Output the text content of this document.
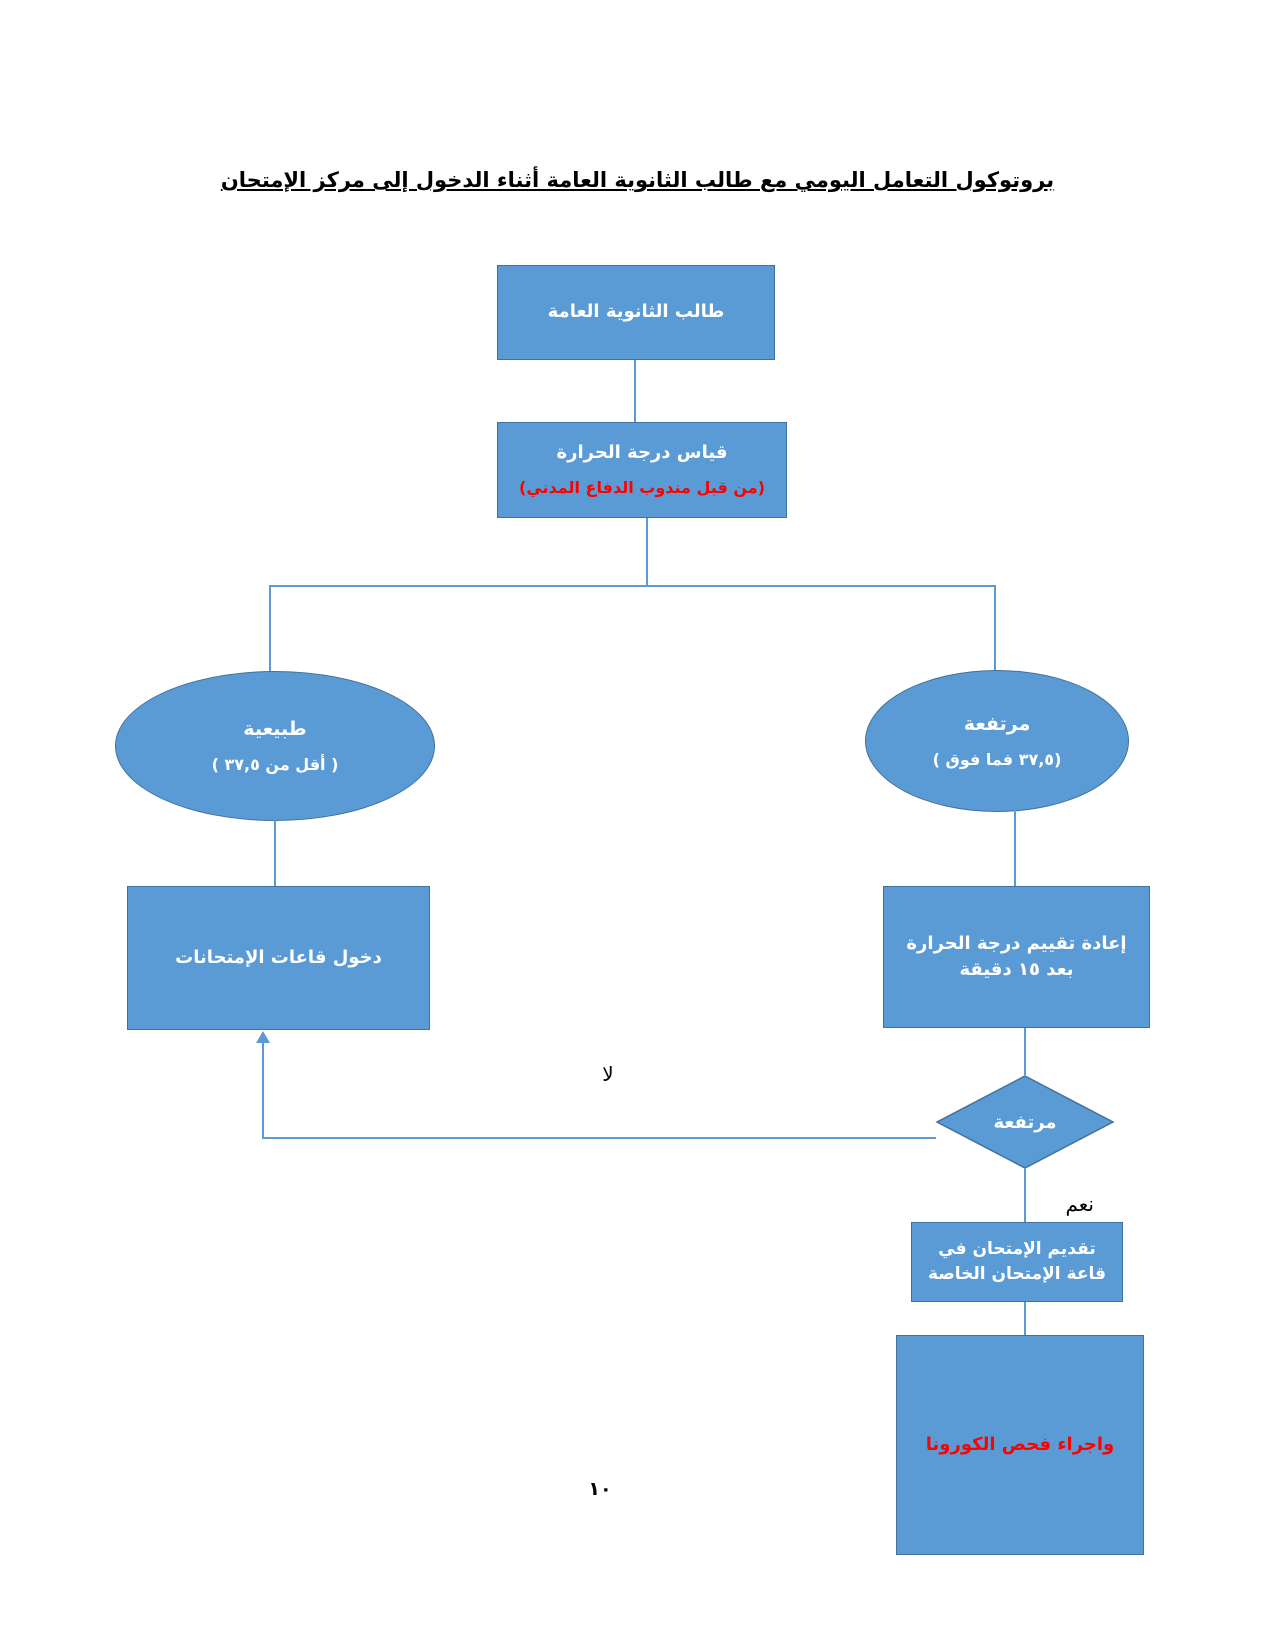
بروتوكول التعامل اليومي مع طالب الثانوية العامة أثناء الدخول إلى مركز الإمتحان
طالب الثانوية العامة
قياس درجة الحرارة
(من قبل مندوب الدفاع المدني)
طبيعية
( أقل من ٣٧,٥ )
مرتفعة
(٣٧,٥ فما فوق )
دخول قاعات الإمتحانات
إعادة تقييم درجة الحرارة بعد ١٥ دقيقة
مرتفعة
لا
نعم
تقديم الإمتحان في قاعة الإمتحان الخاصة
واجراء فحص الكورونا
١٠
